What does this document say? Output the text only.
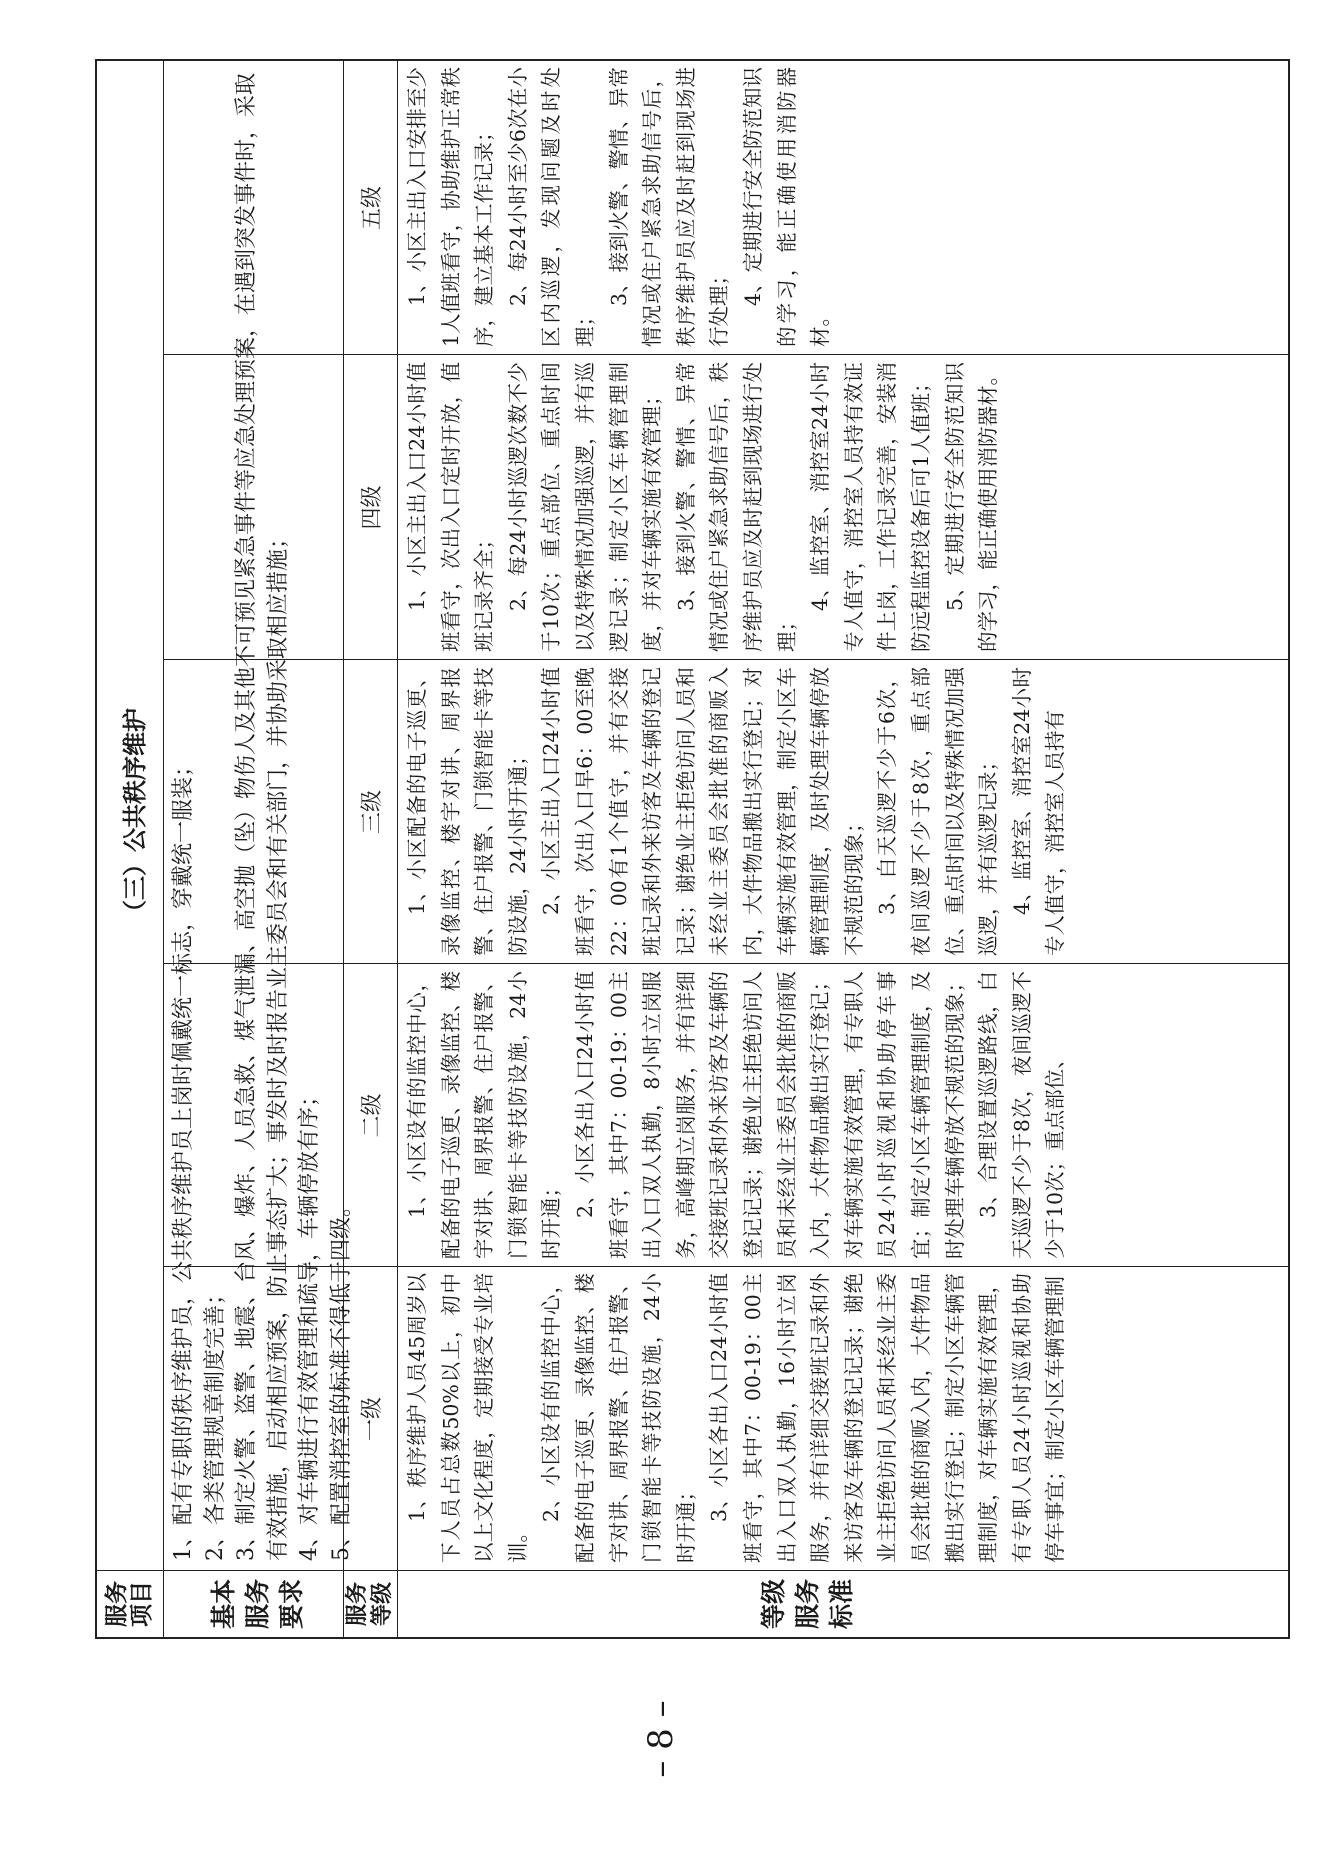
– 8 –
服务项目 基本服务要求	服务等级	等级服务标准
（三）公共秩序维护 1、配有专职的秩序维护员，公共秩序维护员上岗时佩戴统一标志，穿戴统一服装； 2、各类管理规章制度完善； 3、制定火警、盗警、地震、台风、爆炸、人员急救、煤气泄漏、高空抛（坠）物伤人及其他不可预见紧急事件等应急处理预案，在遇到突发事件时，采取 有效措施，启动相应预案，防止事态扩大；事发时及时报告业主委员会和有关部门，并协助采取相应措施； 4、对车辆进行有效管理和疏导，车辆停放有序； 5、配置消控室的标准不得低于四级。 一级
二级
三级
四级
五级

1、秩序维护人员45周岁以下人员占总数50%以上，初中以上文化程度，定期接受专业培训。

2、小区设有的监控中心，配备的电子巡更、录像监控、楼宇对讲、周界报警、住户报警、门锁智能卡等技防设施，24小时开通； 3、小区各出入口24小时值班看守，其中7：00-19：00主出入口双人执勤，16小时立岗服务，并有详细交接班记录和外来访客及车辆的登记记录；谢绝业主拒绝访问人员和未经业主委员会批准的商贩入内，大件物品搬出实行登记；制定小区车辆管理制度，对车辆实施有效管理，有专职人员24小时巡视和协助停车事宜；制定小区车辆管理制

1、小区设有的监控中心，配备的电子巡更、录像监控、楼宇对讲、周界报警、住户报警、门锁智能卡等技防设施，24小时开通； 2、小区各出入口24小时值班看守，其中7：00-19：00主出入口双人执勤，8小时立岗服务，高峰期立岗服务，并有详细交接班记录和外来访客及车辆的登记记录；谢绝业主拒绝访问人员和未经业主委员会批准的商贩入内，大件物品搬出实行登记；对车辆实施有效管理，有专职人员24小时巡视和协助停车事宜；制定小区车辆管理制度，及时处理车辆停放不规范的现象； 3、合理设置巡逻路线，白天巡逻不少于8次，夜间巡逻不少于10次；重点部位、

1、小区配备的电子巡更、录像监控、楼宇对讲、周界报警、住户报警、门锁智能卡等技防设施，24小时开通； 2、小区主出入口24小时值班看守，次出入口早6：00至晚22：00有1个值守，并有交接班记录和外来访客及车辆的登记记录；谢绝业主拒绝访问人员和未经业主委员会批准的商贩入内，大件物品搬出实行登记；对车辆实施有效管理，制定小区车辆管理制度，及时处理车辆停放不规范的现象； 3、白天巡逻不少于6次，夜间巡逻不少于8次，重点部位、重点时间以及特殊情况加强巡逻，并有巡逻记录； 4、监控室、消控室24小时专人值守，消控室人员持有

1、小区主出入口24小时值班看守，次出入口定时开放，值班记录齐全； 2、每24小时巡逻次数不少于10次；重点部位、重点时间以及特殊情况加强巡逻，并有巡逻记录；制定小区车辆管理制度，并对车辆实施有效管理； 3、接到火警、警情、异常情况或住户紧急求助信号后，秩序维护员应及时赶到现场进行处理；

4、监控室、消控室24小时专人值守，消控室人员持有效证件上岗，工作记录完善，安装消防远程监控设备后可1人值班； 5、定期进行安全防范知识的学习，能正确使用消防器材。

1、小区主出入口安排至少1人值班看守，协助维护正常秩序，建立基本工作记录； 2、每24小时至少6次在小区内巡逻，发现问题及时处理；

3、接到火警、警情、异常情况或住户紧急求助信号后，秩序维护员应及时赶到现场进行处理； 4、定期进行安全防范知识的学习，能正确使用消防器材。
